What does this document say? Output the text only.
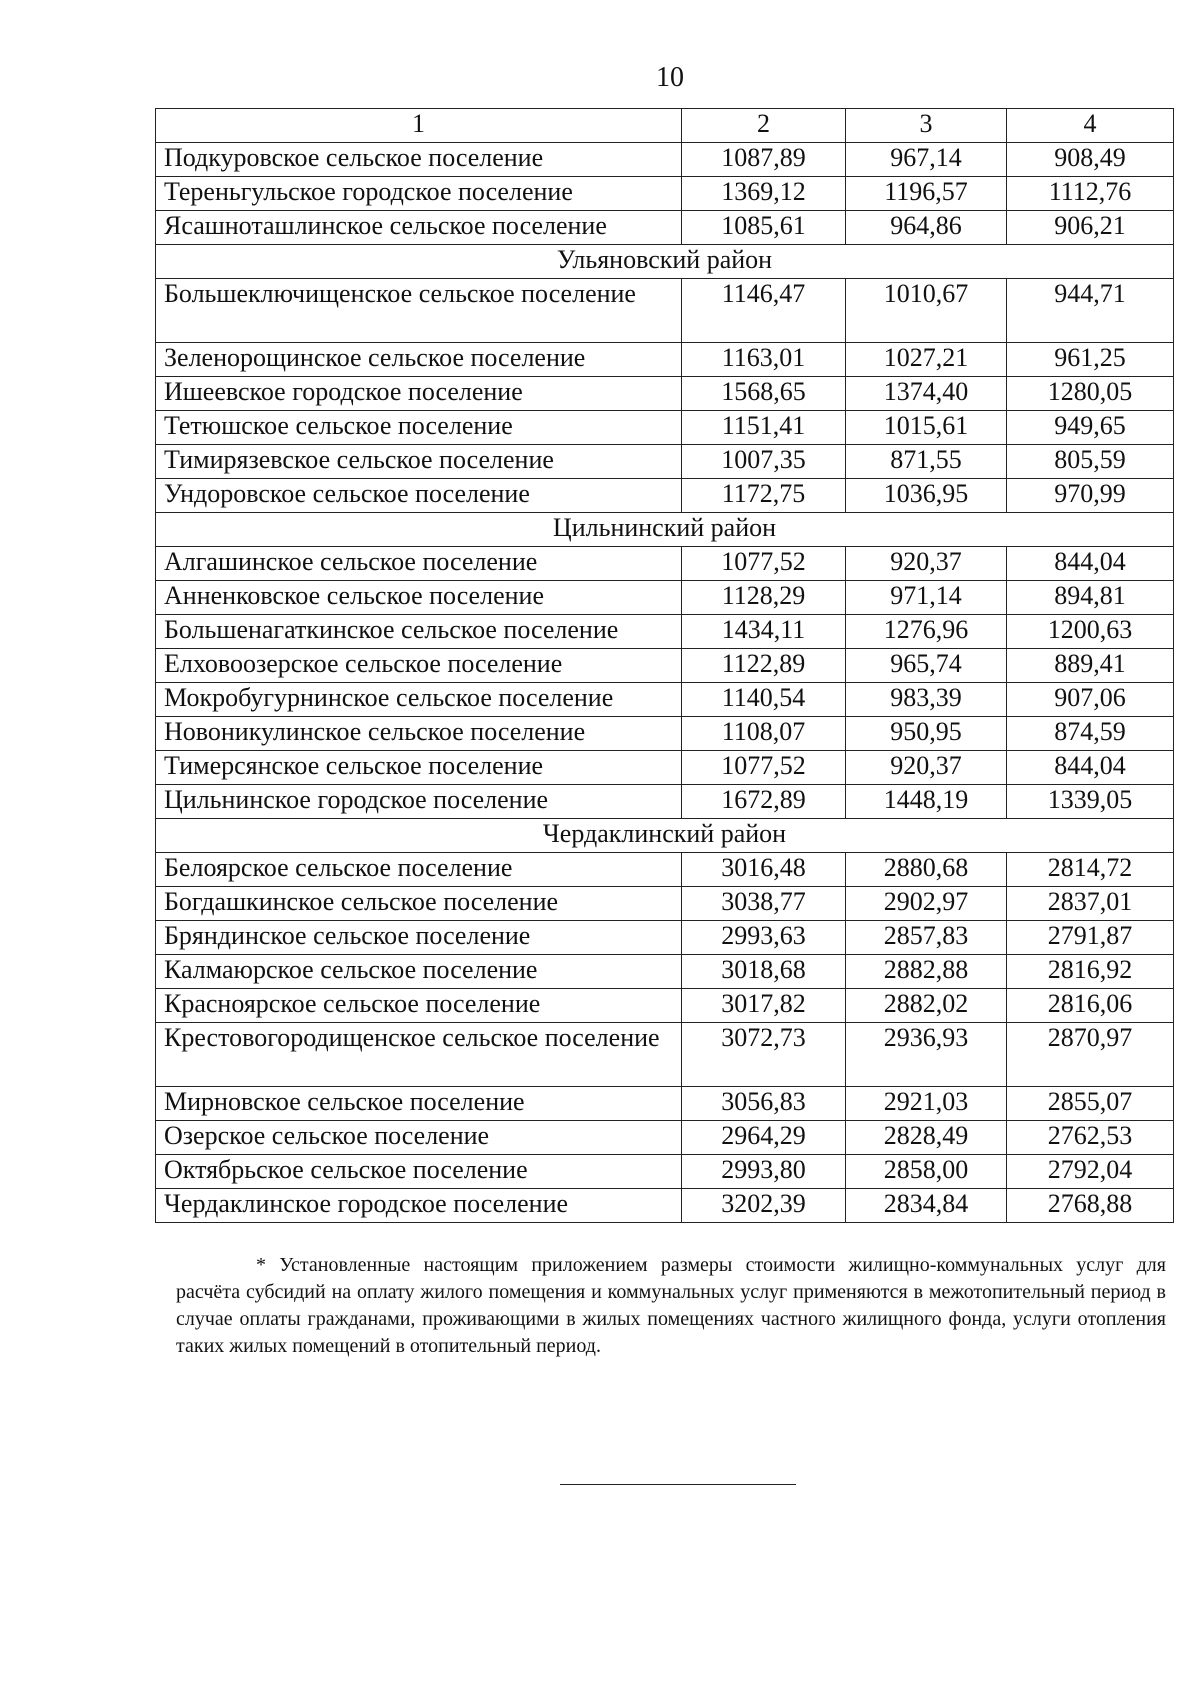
10
1	2	3	4
Подкуровское сельское поселение	1087,89	967,14	908,49
Тереньгульское городское поселение	1369,12	1196,57	1112,76
Ясашноташлинское сельское поселение	1085,61	964,86	906,21
Ульяновский район			
Большеключищенское сельское поселение	1146,47	1010,67	944,71
Зеленорощинское сельское поселение	1163,01	1027,21	961,25
Ишеевское городское поселение	1568,65	1374,40	1280,05
Тетюшское сельское поселение	1151,41	1015,61	949,65
Тимирязевское сельское поселение	1007,35	871,55	805,59
Ундоровское сельское поселение	1172,75	1036,95	970,99
Цильнинский район			
Алгашинское сельское поселение	1077,52	920,37	844,04
Анненковское сельское поселение	1128,29	971,14	894,81
Большенагаткинское сельское поселение	1434,11	1276,96	1200,63
Елховоозерское сельское поселение	1122,89	965,74	889,41
Мокробугурнинское сельское поселение	1140,54	983,39	907,06
Новоникулинское сельское поселение	1108,07	950,95	874,59
Тимерсянское сельское поселение	1077,52	920,37	844,04
Цильнинское городское поселение	1672,89	1448,19	1339,05
Чердаклинский район			
Белоярское сельское поселение	3016,48	2880,68	2814,72
Богдашкинское сельское поселение	3038,77	2902,97	2837,01
Бряндинское сельское поселение	2993,63	2857,83	2791,87
Калмаюрское сельское поселение	3018,68	2882,88	2816,92
Красноярское сельское поселение	3017,82	2882,02	2816,06
Крестовогородищенское сельское поселение	3072,73	2936,93	2870,97
Мирновское сельское поселение	3056,83	2921,03	2855,07
Озерское сельское поселение	2964,29	2828,49	2762,53
Октябрьское сельское поселение	2993,80	2858,00	2792,04
Чердаклинское городское поселение	3202,39	2834,84	2768,88
* Установленные настоящим приложением размеры стоимости жилищно-коммунальных услуг для расчёта субсидий на оплату жилого помещения и коммунальных услуг применяются в межотопительный период в случае оплаты гражданами, проживающими в жилых помещениях частного жилищного фонда, услуги отопления таких жилых помещений в отопительный период.
